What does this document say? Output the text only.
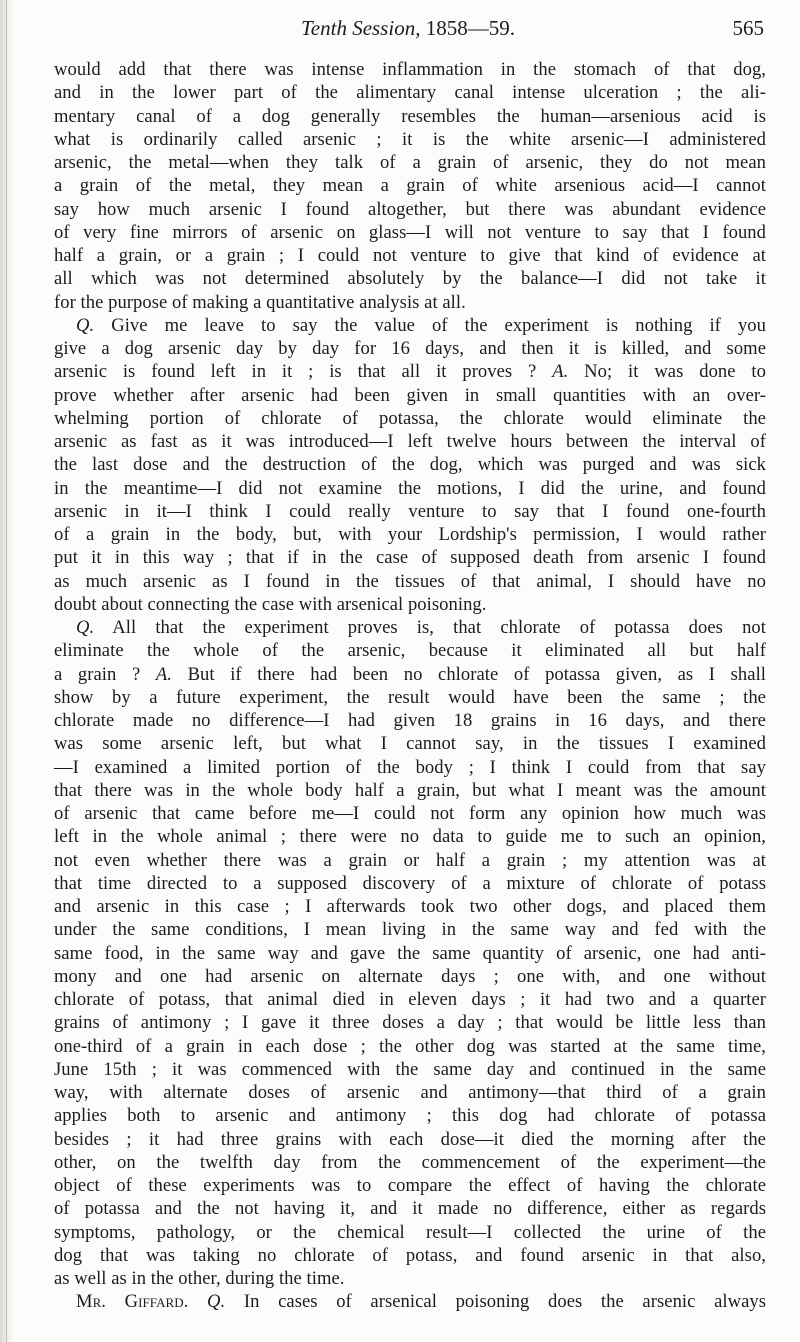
Tenth Session, 1858—59.	565
would add that there was intense inflammation in the stomach of that dog,
and in the lower part of the alimentary canal intense ulceration ; the ali-
mentary canal of a dog generally resembles the human—arsenious acid is
what is ordinarily called arsenic ; it is the white arsenic—I administered
arsenic, the metal—when they talk of a grain of arsenic, they do not mean
a grain of the metal, they mean a grain of white arsenious acid—I cannot
say how much arsenic I found altogether, but there was abundant evidence
of very fine mirrors of arsenic on glass—I will not venture to say that I found
half a grain, or a grain ; I could not venture to give that kind of evidence at
all which was not determined absolutely by the balance—I did not take it
for the purpose of making a quantitative analysis at all.
Q. Give me leave to say the value of the experiment is nothing if you
give a dog arsenic day by day for 16 days, and then it is killed, and some
arsenic is found left in it ; is that all it proves ? A. No; it was done to
prove whether after arsenic had been given in small quantities with an over-
whelming portion of chlorate of potassa, the chlorate would eliminate the
arsenic as fast as it was introduced—I left twelve hours between the interval of
the last dose and the destruction of the dog, which was purged and was sick
in the meantime—I did not examine the motions, I did the urine, and found
arsenic in it—I think I could really venture to say that I found one-fourth
of a grain in the body, but, with your Lordship's permission, I would rather
put it in this way ; that if in the case of supposed death from arsenic I found
as much arsenic as I found in the tissues of that animal, I should have no
doubt about connecting the case with arsenical poisoning.
Q. All that the experiment proves is, that chlorate of potassa does not
eliminate the whole of the arsenic, because it eliminated all but half
a grain ? A. But if there had been no chlorate of potassa given, as I shall
show by a future experiment, the result would have been the same ; the
chlorate made no difference—I had given 18 grains in 16 days, and there
was some arsenic left, but what I cannot say, in the tissues I examined
—I examined a limited portion of the body ; I think I could from that say
that there was in the whole body half a grain, but what I meant was the amount
of arsenic that came before me—I could not form any opinion how much was
left in the whole animal ; there were no data to guide me to such an opinion,
not even whether there was a grain or half a grain ; my attention was at
that time directed to a supposed discovery of a mixture of chlorate of potass
and arsenic in this case ; I afterwards took two other dogs, and placed them
under the same conditions, I mean living in the same way and fed with the
same food, in the same way and gave the same quantity of arsenic, one had anti-
mony and one had arsenic on alternate days ; one with, and one without
chlorate of potass, that animal died in eleven days ; it had two and a quarter
grains of antimony ; I gave it three doses a day ; that would be little less than
one-third of a grain in each dose ; the other dog was started at the same time,
June 15th ; it was commenced with the same day and continued in the same
way, with alternate doses of arsenic and antimony—that third of a grain
applies both to arsenic and antimony ; this dog had chlorate of potassa
besides ; it had three grains with each dose—it died the morning after the
other, on the twelfth day from the commencement of the experiment—the
object of these experiments was to compare the effect of having the chlorate
of potassa and the not having it, and it made no difference, either as regards
symptoms, pathology, or the chemical result—I collected the urine of the
dog that was taking no chlorate of potass, and found arsenic in that also,
as well as in the other, during the time.
Mr. Giffard. Q. In cases of arsenical poisoning does the arsenic always
